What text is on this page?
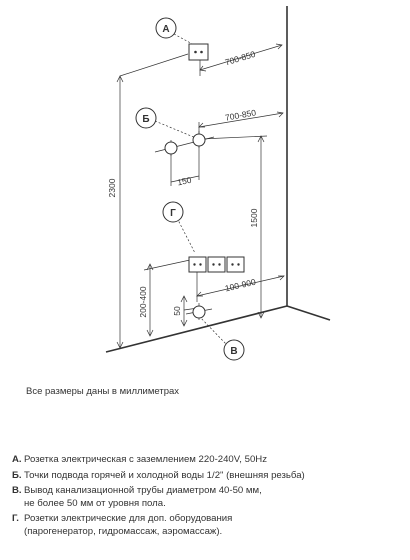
2300
700-850
700-850
150
1500
200-400	50
100-900
А
Б
Г
В
Все размеры даны в миллиметрах
А. Розетка электрическая с заземлением 220-240V, 50Hz
Б. Точки подвода горячей и холодной воды 1/2" (внешняя резьба)
В. Вывод канализационной трубы диаметром 40-50 мм,
не более 50 мм от уровня пола.
Г. Розетки электрические для доп. оборудования
(парогенератор, гидромассаж, аэромассаж).
